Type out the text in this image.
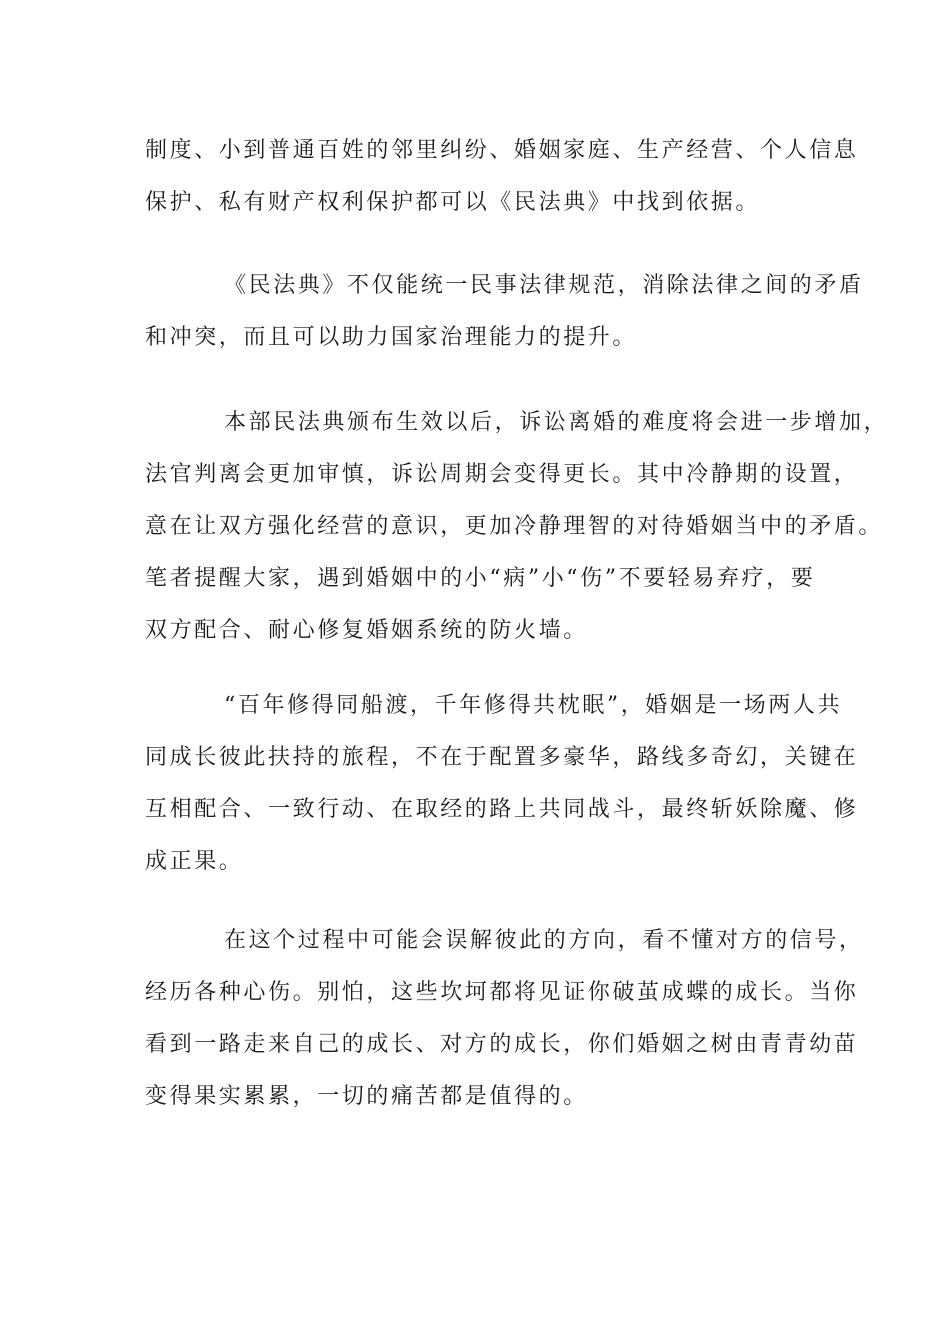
制度、小到普通百姓的邻里纠纷、婚姻家庭、生产经营、个人信息
保护、私有财产权利保护都可以《民法典》中找到依据。
《民法典》不仅能统一民事法律规范，消除法律之间的矛盾
和冲突，而且可以助力国家治理能力的提升。
本部民法典颁布生效以后，诉讼离婚的难度将会进一步增加，
法官判离会更加审慎，诉讼周期会变得更长。其中冷静期的设置，
意在让双方强化经营的意识，更加冷静理智的对待婚姻当中的矛盾。
笔者提醒大家，遇到婚姻中的小“病”小“伤”不要轻易弃疗，要
双方配合、耐心修复婚姻系统的防火墙。
“百年修得同船渡，千年修得共枕眠”，婚姻是一场两人共
同成长彼此扶持的旅程，不在于配置多豪华，路线多奇幻，关键在
互相配合、一致行动、在取经的路上共同战斗，最终斩妖除魔、修
成正果。
在这个过程中可能会误解彼此的方向，看不懂对方的信号，
经历各种心伤。别怕，这些坎坷都将见证你破茧成蝶的成长。当你
看到一路走来自己的成长、对方的成长，你们婚姻之树由青青幼苗
变得果实累累，一切的痛苦都是值得的。
